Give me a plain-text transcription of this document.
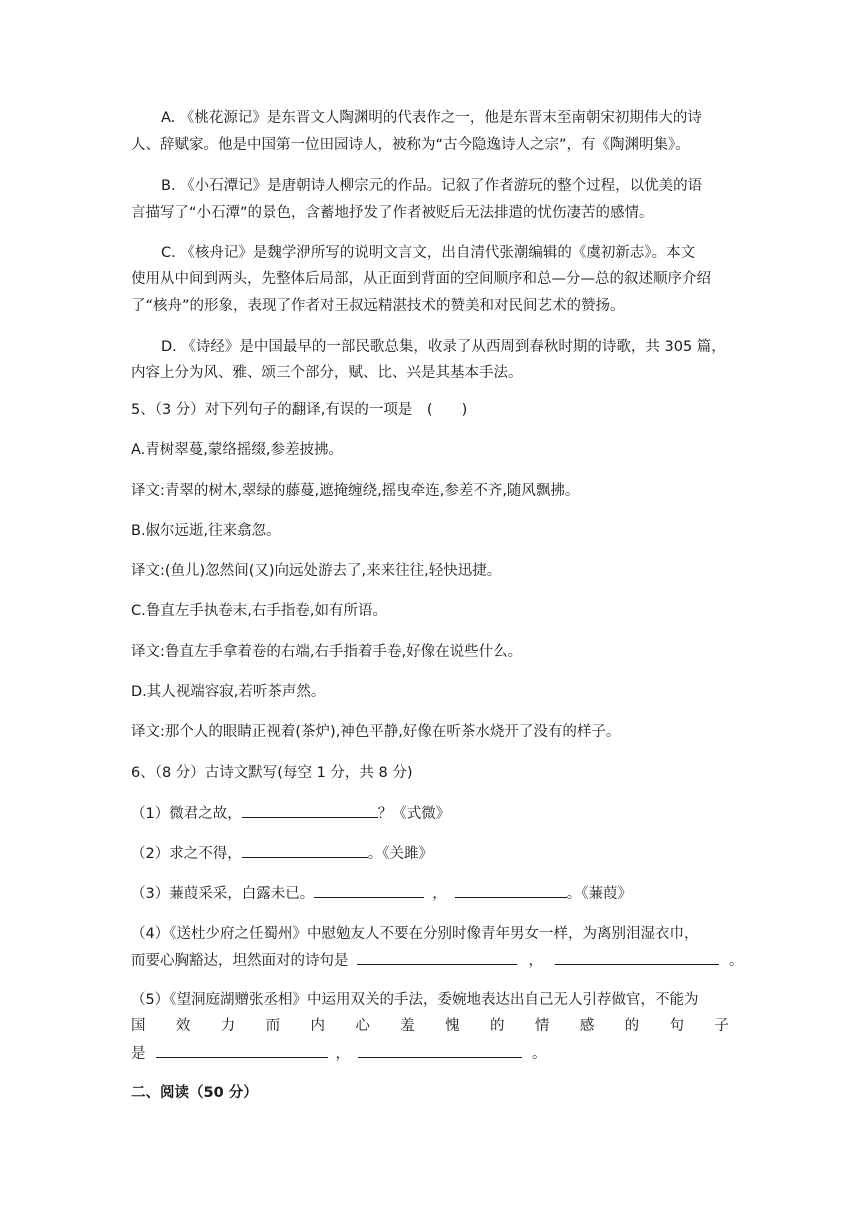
A. 《桃花源记》是东晋文人陶渊明的代表作之一，他是东晋末至南朝宋初期伟大的诗
人、辞赋家。他是中国第一位田园诗人，被称为“古今隐逸诗人之宗”，有《陶渊明集》。
B. 《小石潭记》是唐朝诗人柳宗元的作品。记叙了作者游玩的整个过程，以优美的语
言描写了“小石潭”的景色，含蓄地抒发了作者被贬后无法排遣的忧伤凄苦的感情。
C. 《核舟记》是魏学洢所写的说明文言文，出自清代张潮编辑的《虞初新志》。本文
使用从中间到两头，先整体后局部，从正面到背面的空间顺序和总—分—总的叙述顺序介绍
了“核舟”的形象，表现了作者对王叔远精湛技术的赞美和对民间艺术的赞扬。
D. 《诗经》是中国最早的一部民歌总集，收录了从西周到春秋时期的诗歌，共 305 篇，
内容上分为风、雅、颂三个部分，赋、比、兴是其基本手法。
5、（3 分）对下列句子的翻译,有误的一项是　(　　)
A.青树翠蔓,蒙络摇缀,参差披拂。
译文:青翠的树木,翠绿的藤蔓,遮掩缠绕,摇曳牵连,参差不齐,随风飘拂。
B.俶尔远逝,往来翕忽。
译文:(鱼儿)忽然间(又)向远处游去了,来来往往,轻快迅捷。
C.鲁直左手执卷末,右手指卷,如有所语。
译文:鲁直左手拿着卷的右端,右手指着手卷,好像在说些什么。
D.其人视端容寂,若听茶声然。
译文:那个人的眼睛正视着(茶炉),神色平静,好像在听茶水烧开了没有的样子。
6、（8 分）古诗文默写(每空 1 分，共 8 分)
（1）微君之故，	？《式微》
（2）求之不得，	。《关雎》
（3）蒹葭采采，白露未已。	，	。《蒹葭》
（4）《送杜少府之任蜀州》中慰勉友人不要在分别时像青年男女一样，为离别泪湿衣巾，
而要心胸豁达，坦然面对的诗句是	，	。
（5）《望洞庭湖赠张丞相》中运用双关的手法，委婉地表达出自己无人引荐做官，不能为
国 效 力 而 内 心 羞 愧 的 情 感 的 句 子
是	，	。
二、阅读（50 分）
